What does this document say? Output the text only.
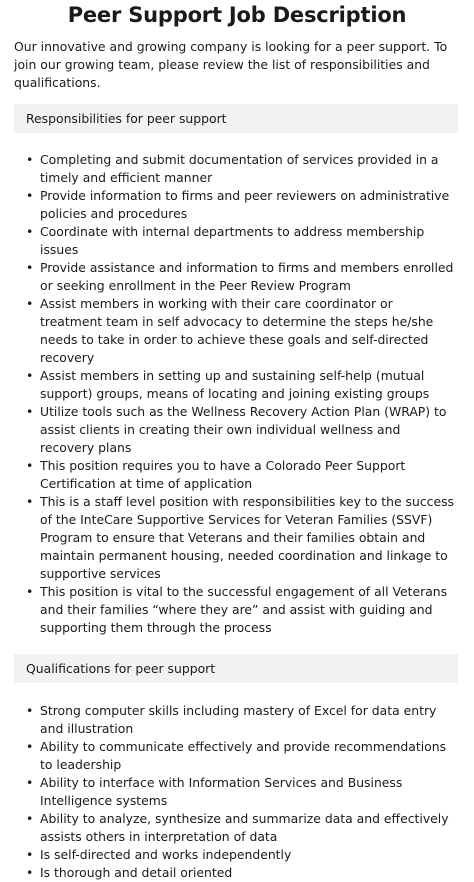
Peer Support Job Description

Our innovative and growing company is looking for a peer support. To join our growing team, please review the list of responsibilities and qualifications.

Responsibilities for peer support
• Completing and submit documentation of services provided in a timely and efficient manner
• Provide information to firms and peer reviewers on administrative policies and procedures
• Coordinate with internal departments to address membership issues
• Provide assistance and information to firms and members enrolled or seeking enrollment in the Peer Review Program
• Assist members in working with their care coordinator or treatment team in self advocacy to determine the steps he/she needs to take in order to achieve these goals and self-directed recovery
• Assist members in setting up and sustaining self-help (mutual support) groups, means of locating and joining existing groups
• Utilize tools such as the Wellness Recovery Action Plan (WRAP) to assist clients in creating their own individual wellness and recovery plans
• This position requires you to have a Colorado Peer Support Certification at time of application
• This is a staff level position with responsibilities key to the success of the InteCare Supportive Services for Veteran Families (SSVF) Program to ensure that Veterans and their families obtain and maintain permanent housing, needed coordination and linkage to supportive services
• This position is vital to the successful engagement of all Veterans and their families “where they are” and assist with guiding and supporting them through the process
Qualifications for peer support
• Strong computer skills including mastery of Excel for data entry and illustration
• Ability to communicate effectively and provide recommendations to leadership
• Ability to interface with Information Services and Business Intelligence systems
• Ability to analyze, synthesize and summarize data and effectively assists others in interpretation of data
• Is self-directed and works independently
• Is thorough and detail oriented
